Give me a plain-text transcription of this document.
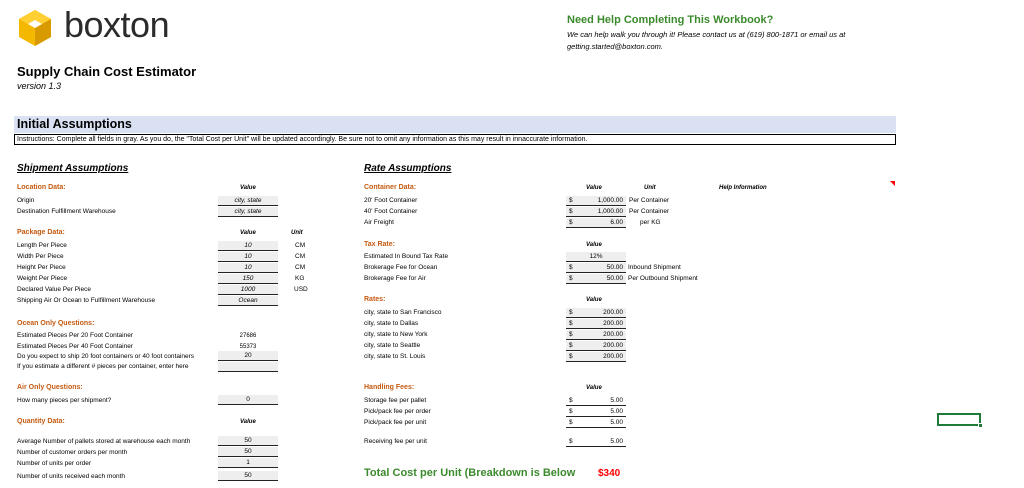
boxton	Need Help Completing This Workbook?
We can help walk you through it! Please contact us at (619) 800-1871 or email us at
getting.started@boxton.com.
Supply Chain Cost Estimator
version 1.3
Initial Assumptions
Instructions: Complete all fields in gray. As you do, the "Total Cost per Unit" will be updated accordingly. Be sure not to omit any information as this may result in innaccurate information.
Shipment Assumptions
Location Data:	Value
Origin	city, state
Destination Fulfillment Warehouse	city, state
Package Data:	Value	Unit
Length Per Piece	10	CM
Width Per Piece	10	CM
Height Per Piece	10	CM
Weight Per Piece	150	KG
Declared Value Per Piece	1000	USD
Shipping Air Or Ocean to Fulfillment Warehouse	Ocean
Ocean Only Questions:
Estimated Pieces Per 20 Foot Container	27686
Estimated Pieces Per 40 Foot Container	55373
Do you expect to ship 20 foot containers or 40 foot containers	20
If you estimate a different # pieces per container, enter here
Air Only Questions:
How many pieces per shipment?	0
Quantity Data:	Value
Average Number of pallets stored at warehouse each month	50
Number of customer orders per month	50
Number of units per order	1
Number of units received each month	50
Rate Assumptions
Container Data:	Value	Unit	Help Information
20' Foot Container	$	1,000.00 Per Container
40' Foot Container	$	1,000.00 Per Container
Air Freight	$	6.00	per KG
Tax Rate:	Value
Estimated In Bound Tax Rate	12%
Brokerage Fee for Ocean	$	50.00 Inbound Shipment
Brokerage Fee for Air	$	50.00 Per Outbound Shipment
Rates:	Value
city, state to San Francisco	$	200.00
city, state to Dallas	$	200.00
city, state to New York	$	200.00
city, state to Seattle	$	200.00
city, state to St. Louis	$	200.00
Handling Fees:	Value
Storage fee per pallet	$	5.00
Pick/pack fee per order	$	5.00
Pick/pack fee per unit	$	5.00
Receiving fee per unit	$	5.00
Total Cost per Unit (Breakdown is Below $340
